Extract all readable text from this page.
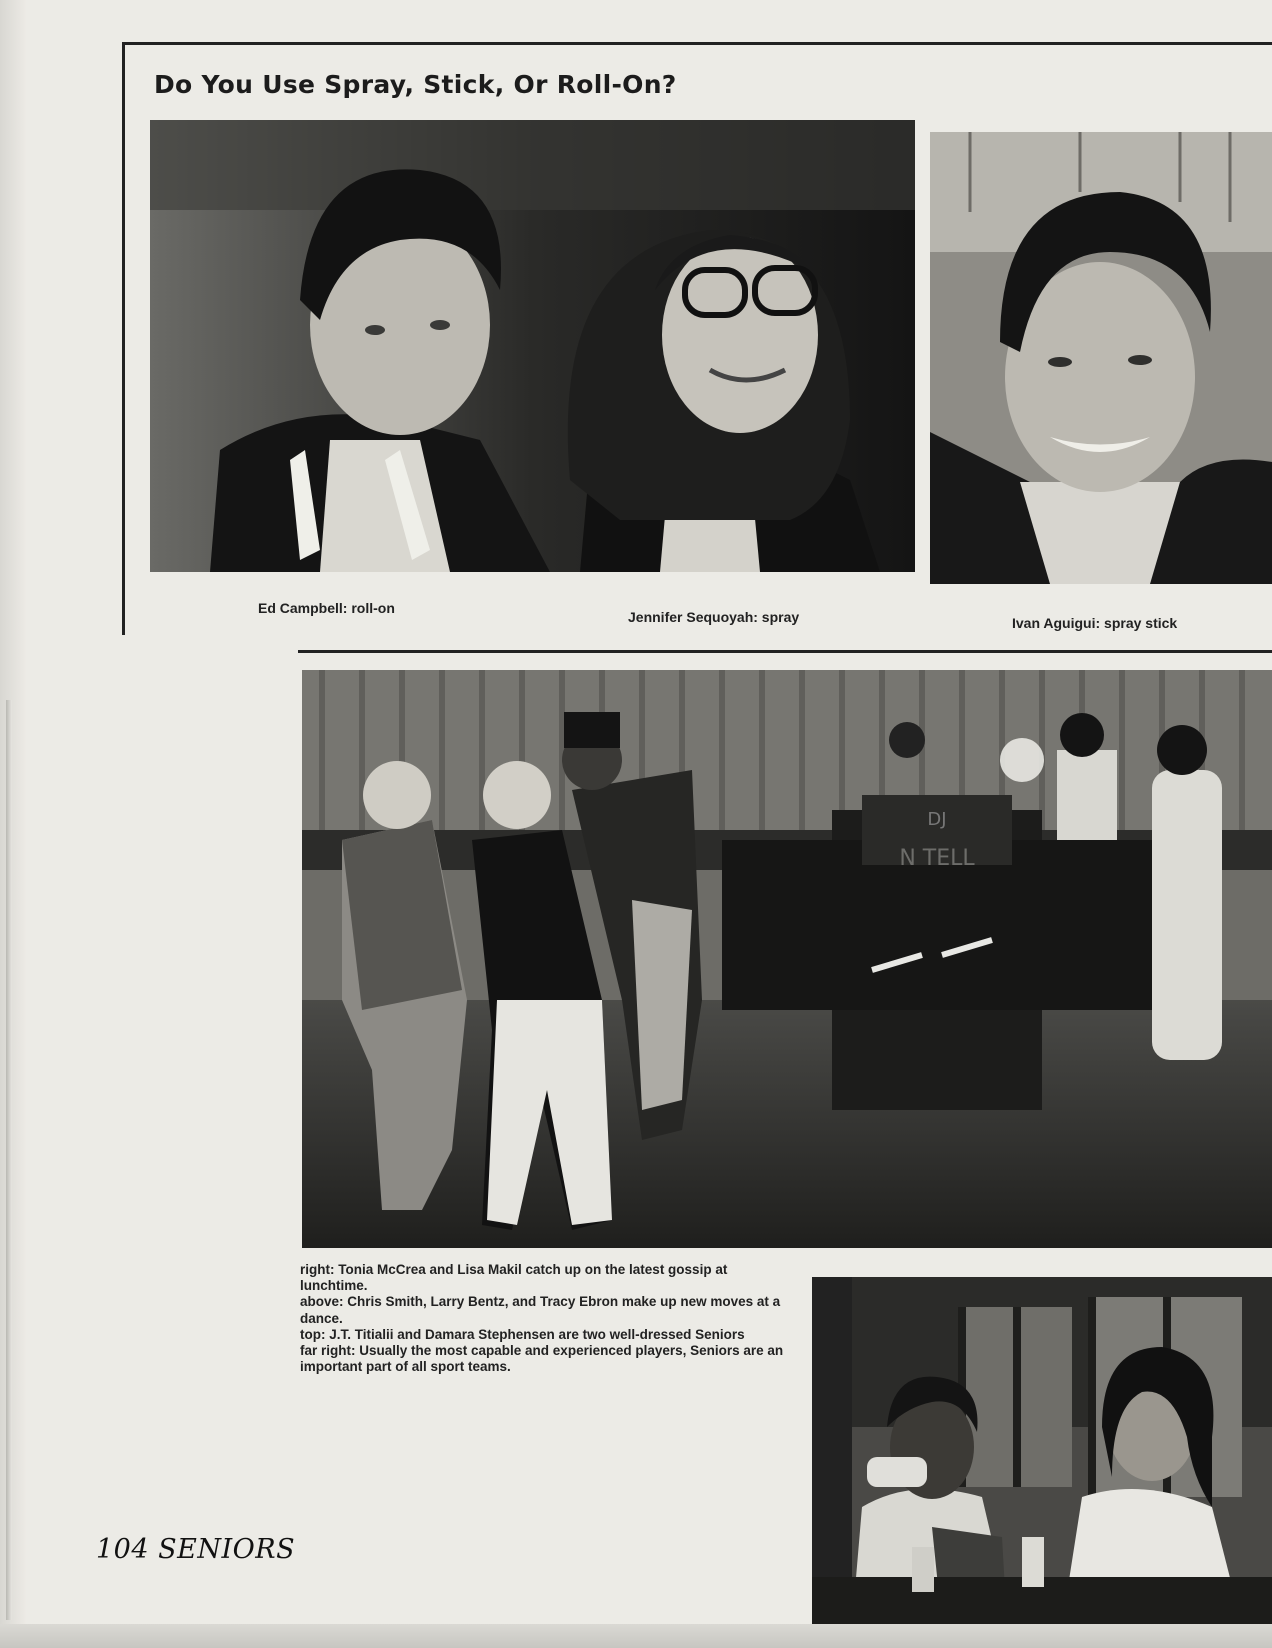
Do You Use Spray, Stick, Or Roll-On?
Ed Campbell: roll-on
Jennifer Sequoyah: spray	Ivan Aguigui: spray stick
DJ
N TELL

right: Tonia McCrea and Lisa Makil catch up on the latest gossip at lunchtime.

above: Chris Smith, Larry Bentz, and Tracy Ebron make up new moves at a dance.

top: J.T. Titialii and Damara Stephensen are two well-dressed Seniors

far right: Usually the most capable and experienced players, Seniors are an important part of all sport teams.

104 SENIORS
